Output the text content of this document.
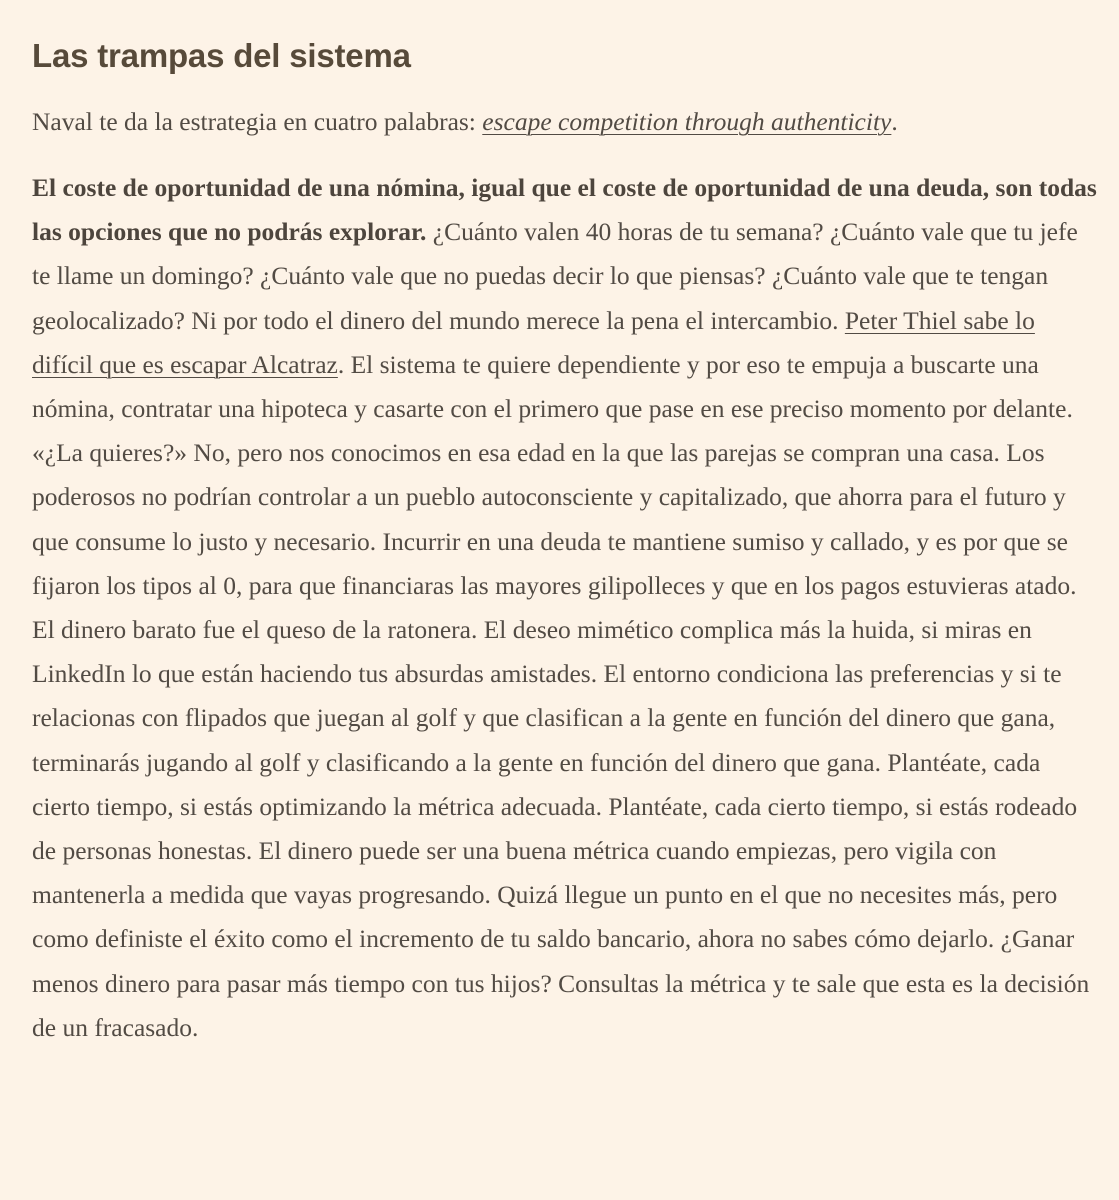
Las trampas del sistema

Naval te da la estrategia en cuatro palabras: escape competition through authenticity.

El coste de oportunidad de una nómina, igual que el coste de oportunidad de una deuda, son todas las opciones que no podrás explorar. ¿Cuánto valen 40 horas de tu semana? ¿Cuánto vale que tu jefe te llame un domingo? ¿Cuánto vale que no puedas decir lo que piensas? ¿Cuánto vale que te tengan geolocalizado? Ni por todo el dinero del mundo merece la pena el intercambio. Peter Thiel sabe lo difícil que es escapar Alcatraz. El sistema te quiere dependiente y por eso te empuja a buscarte una nómina, contratar una hipoteca y casarte con el primero que pase en ese preciso momento por delante. «¿La quieres?» No, pero nos conocimos en esa edad en la que las parejas se compran una casa. Los poderosos no podrían controlar a un pueblo autoconsciente y capitalizado, que ahorra para el futuro y que consume lo justo y necesario. Incurrir en una deuda te mantiene sumiso y callado, y es por que se fijaron los tipos al 0, para que financiaras las mayores gilipolleces y que en los pagos estuvieras atado. El dinero barato fue el queso de la ratonera. El deseo mimético complica más la huida, si miras en LinkedIn lo que están haciendo tus absurdas amistades. El entorno condiciona las preferencias y si te relacionas con flipados que juegan al golf y que clasifican a la gente en función del dinero que gana, terminarás jugando al golf y clasificando a la gente en función del dinero que gana. Plantéate, cada cierto tiempo, si estás optimizando la métrica adecuada. Plantéate, cada cierto tiempo, si estás rodeado de personas honestas. El dinero puede ser una buena métrica cuando empiezas, pero vigila con mantenerla a medida que vayas progresando. Quizá llegue un punto en el que no necesites más, pero como definiste el éxito como el incremento de tu saldo bancario, ahora no sabes cómo dejarlo. ¿Ganar menos dinero para pasar más tiempo con tus hijos? Consultas la métrica y te sale que esta es la decisión de un fracasado.
